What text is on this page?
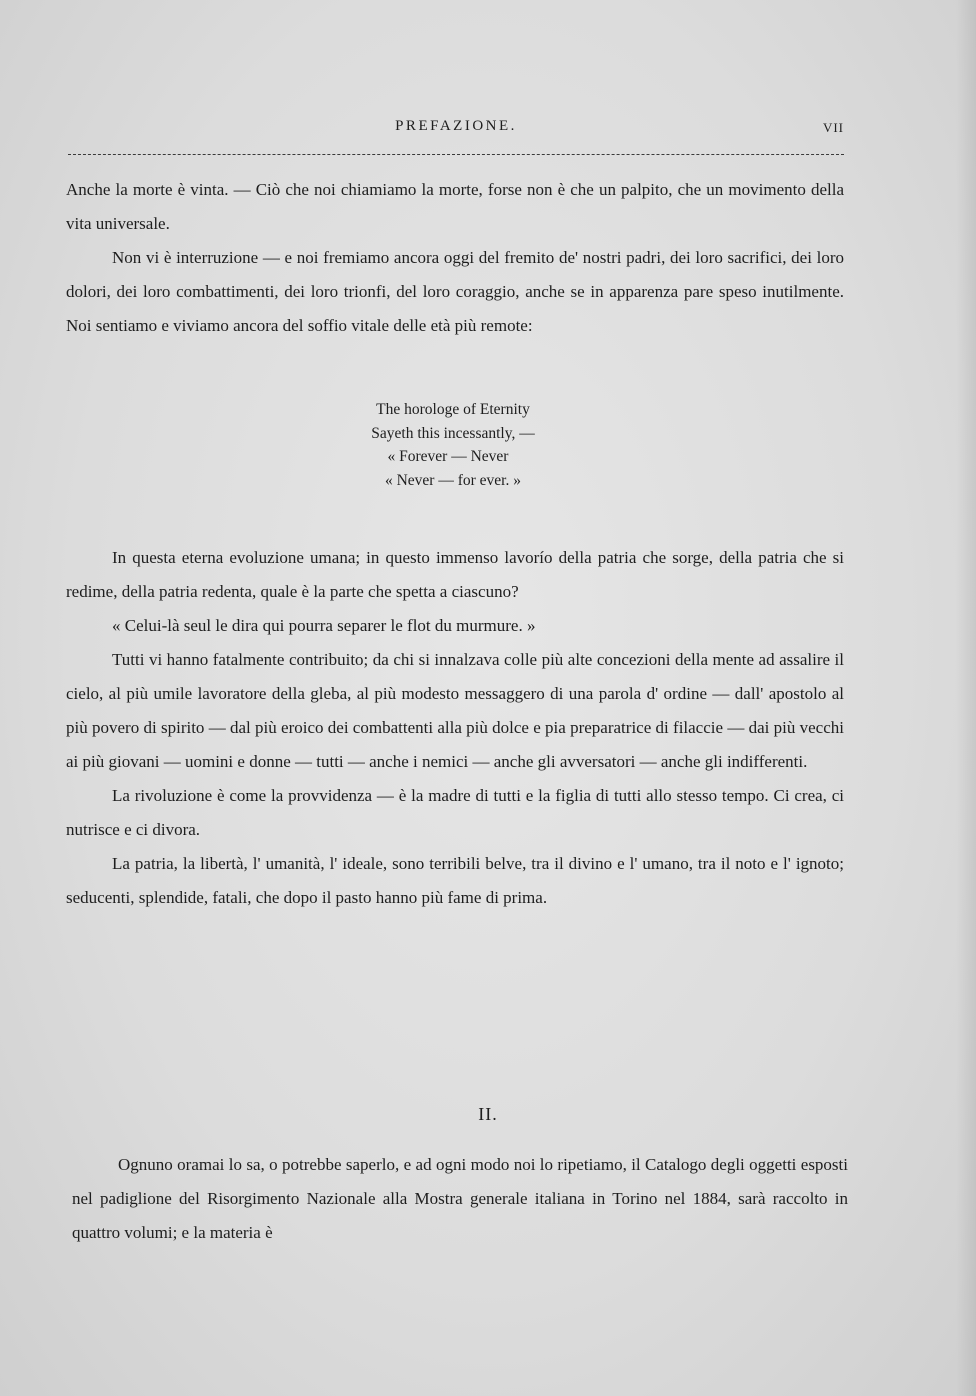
PREFAZIONE.	VII

Anche la morte è vinta. — Ciò che noi chiamiamo la morte, forse non è che un palpito, che un movimento della vita universale.

Non vi è interruzione — e noi fremiamo ancora oggi del fremito de' nostri padri, dei loro sacrifici, dei loro dolori, dei loro combattimenti, dei loro trionfi, del loro coraggio, anche se in apparenza pare speso inutilmente. Noi sentiamo e viviamo ancora del soffio vitale delle età più remote:

The horologe of Eternity
Sayeth this incessantly, —
« Forever — Never
« Never — for ever. »

In questa eterna evoluzione umana; in questo immenso lavorío della patria che sorge, della patria che si redime, della patria redenta, quale è la parte che spetta a ciascuno?

« Celui-là seul le dira qui pourra separer le flot du murmure. »

Tutti vi hanno fatalmente contribuito; da chi si innalzava colle più alte concezioni della mente ad assalire il cielo, al più umile lavoratore della gleba, al più modesto messaggero di una parola d' ordine — dall' apostolo al più povero di spirito — dal più eroico dei combattenti alla più dolce e pia preparatrice di filaccie — dai più vecchi ai più giovani — uomini e donne — tutti — anche i nemici — anche gli avversatori — anche gli indifferenti.

La rivoluzione è come la provvidenza — è la madre di tutti e la figlia di tutti allo stesso tempo. Ci crea, ci nutrisce e ci divora.

La patria, la libertà, l' umanità, l' ideale, sono terribili belve, tra il divino e l' umano, tra il noto e l' ignoto; seducenti, splendide, fatali, che dopo il pasto hanno più fame di prima.

II.

Ognuno oramai lo sa, o potrebbe saperlo, e ad ogni modo noi lo ripetiamo, il Catalogo degli oggetti esposti nel padiglione del Risorgimento Nazionale alla Mostra generale italiana in Torino nel 1884, sarà raccolto in quattro volumi; e la materia è
